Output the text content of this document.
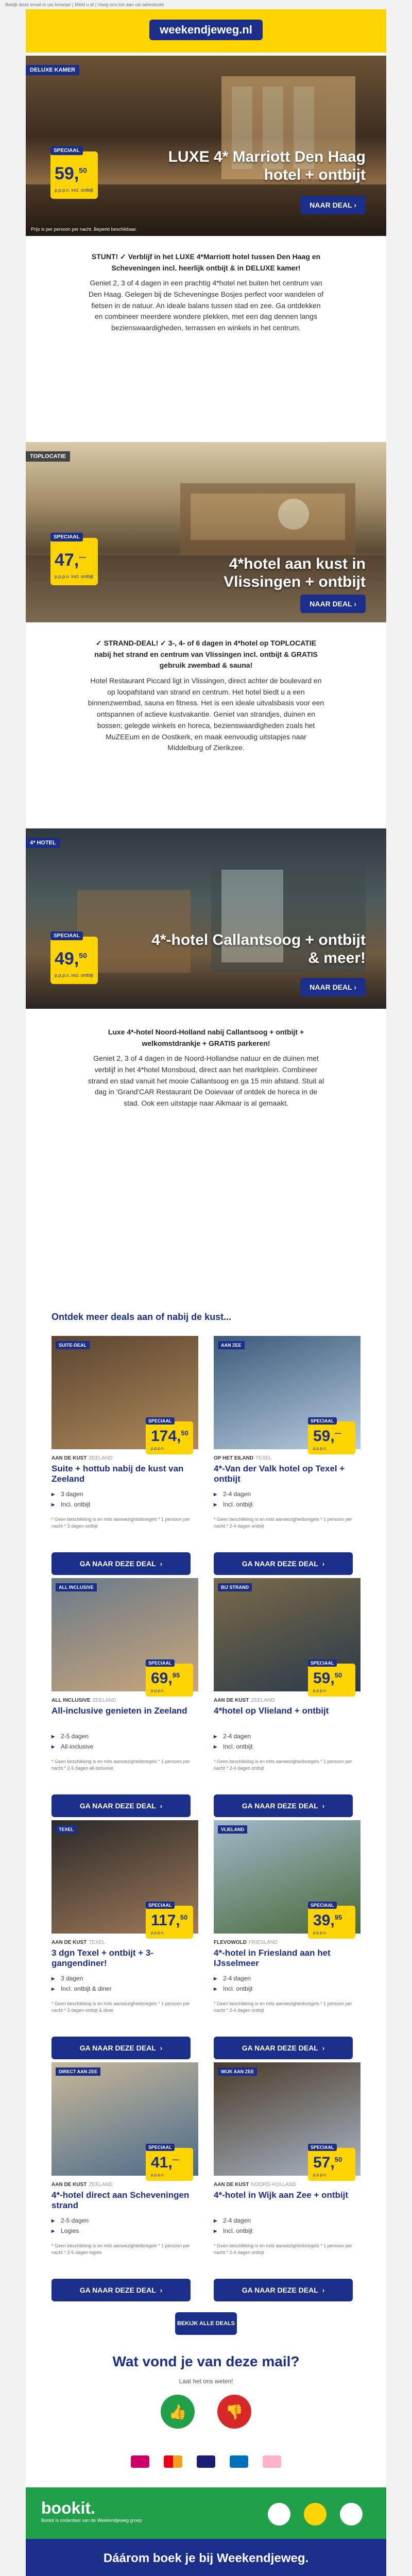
Bekijk deze email in uw browser | Meld u af | Voeg ons toe aan uw adresboek
weekendjeweg.nl
DELUXE KAMER
SPECIAAL
59,50
p.p.p.n. incl. ontbijt
LUXE 4* Marriott Den Haag hotel + ontbijt
NAAR DEAL ›
Prijs is per persoon per nacht. Beperkt beschikbaar.
STUNT! ✓ Verblijf in het LUXE 4*Marriott hotel tussen Den Haag en Scheveningen incl. heerlijk ontbijt & in DELUXE kamer!
Geniet 2, 3 of 4 dagen in een prachtig 4*hotel net buiten het centrum van Den Haag. Gelegen bij de Scheveningse Bosjes perfect voor wandelen of fietsen in de natuur. An ideale balans tussen stad en zee. Ga ontdekken en combineer meerdere wondere plekken, met een dag dennen langs bezienswaardigheden, terrassen en winkels in het centrum.
TOPLOCATIE
SPECIAAL
47,—
p.p.p.n. incl. ontbijt
4*hotel aan kust in Vlissingen + ontbijt
NAAR DEAL ›
✓ STRAND-DEAL! ✓ 3-, 4- of 6 dagen in 4*hotel op TOPLOCATIE nabij het strand en centrum van Vlissingen incl. ontbijt & GRATIS gebruik zwembad & sauna!
Hotel Restaurant Piccard ligt in Vlissingen, direct achter de boulevard en op loopafstand van strand en centrum. Het hotel biedt u a een binnenzwembad, sauna en fitness. Het is een ideale uitvalsbasis voor een ontspannen of actieve kustvakantie. Geniet van strandjes, duinen en bossen; gelegde winkels en horeca, bezienswaardigheden zoals het MuZEEum en de Oostkerk, en maak eenvoudig uitstapjes naar Middelburg of Zierikzee.
4* HOTEL
SPECIAAL
49,50
p.p.p.n. incl. ontbijt
4*-hotel Callantsoog + ontbijt & meer!
NAAR DEAL ›
Luxe 4*-hotel Noord-Holland nabij Callantsoog + ontbijt + welkomstdrankje + GRATIS parkeren!
Geniet 2, 3 of 4 dagen in de Noord-Hollandse natuur en de duinen met verblijf in het 4*hotel Monsboud, direct aan het marktplein. Combineer strand en stad vanuit het mooie Callantsoog en ga 15 min afstand. Stuit al dag in 'Grand'CAR Restaurant De Ooievaar of ontdek de horeca in de stad. Ook een uitstapje naar Alkmaar is al gemaakt.
Ontdek meer deals aan of nabij de kust...
SUITE-DEAL
SPECIAAL
174,50
p.p.p.n.
AAN DE KUST ZEELAND
Suite + hottub nabij de kust van Zeeland
▸ 3 dagen
▸ Incl. ontbijt
* Geen beschikking is en mits aanwezigheidsregels * 1 persoon per nacht * 3 dagen ontbijt
GA NAAR DEZE DEAL ›
AAN ZEE
SPECIAAL
59,—
p.p.p.n.
OP HET EILAND TEXEL
4*-Van der Valk hotel op Texel + ontbijt
▸ 2-4 dagen
▸ Incl. ontbijt
* Geen beschikking is en mits aanwezigheidsregels * 1 persoon per nacht * 2-4 dagen ontbijt
GA NAAR DEZE DEAL ›
ALL INCLUSIVE
SPECIAAL
69,95
p.p.p.n.
ALL INCLUSIVE ZEELAND
All-inclusive genieten in Zeeland
▸ 2-5 dagen
▸ All-inclusive
* Geen beschikking is en mits aanwezigheidsregels * 1 persoon per nacht * 2-5 dagen all-inclusive
GA NAAR DEZE DEAL ›
BIJ STRAND
SPECIAAL
59,50
p.p.p.n.
AAN DE KUST ZEELAND
4*hotel op Vlieland + ontbijt
▸ 2-4 dagen
▸ Incl. ontbijt
* Geen beschikking is en mits aanwezigheidsregels * 1 persoon per nacht * 2-4 dagen ontbijt
GA NAAR DEZE DEAL ›
TEXEL
SPECIAAL
117,50
p.p.p.n.
AAN DE KUST TEXEL
3 dgn Texel + ontbijt + 3-gangendiner!
▸ 3 dagen
▸ Incl. ontbijt & diner
* Geen beschikking is en mits aanwezigheidsregels * 1 persoon per nacht * 3 dagen ontbijt & diner
GA NAAR DEZE DEAL ›
VLIELAND
SPECIAAL
39,95
p.p.p.n.
FLEVOWOLD FRIESLAND
4*-hotel in Friesland aan het IJsselmeer
▸ 2-4 dagen
▸ Incl. ontbijt
* Geen beschikking is en mits aanwezigheidsregels * 1 persoon per nacht * 2-4 dagen ontbijt
GA NAAR DEZE DEAL ›
DIRECT AAN ZEE
SPECIAAL
41,—
p.p.p.n.
AAN DE KUST ZEELAND
4*-hotel direct aan Scheveningen strand
▸ 2-5 dagen
▸ Logies
* Geen beschikking is en mits aanwezigheidsregels * 1 persoon per nacht * 2-5 dagen logies
GA NAAR DEZE DEAL ›
WIJK AAN ZEE
SPECIAAL
57,50
p.p.p.n.
AAN DE KUST NOORD-HOLLAND
4*-hotel in Wijk aan Zee + ontbijt
▸ 2-4 dagen
▸ Incl. ontbijt
* Geen beschikking is en mits aanwezigheidsregels * 1 persoon per nacht * 2-4 dagen ontbijt
GA NAAR DEZE DEAL ›
BEKIJK ALLE DEALS
Wat vond je van deze mail?
Laat het ons weten!
👍	👎
bookit.
Bookit is onderdeel van de Weekendjeweg groep
Dáárom boek je bij Weekendjeweg.
